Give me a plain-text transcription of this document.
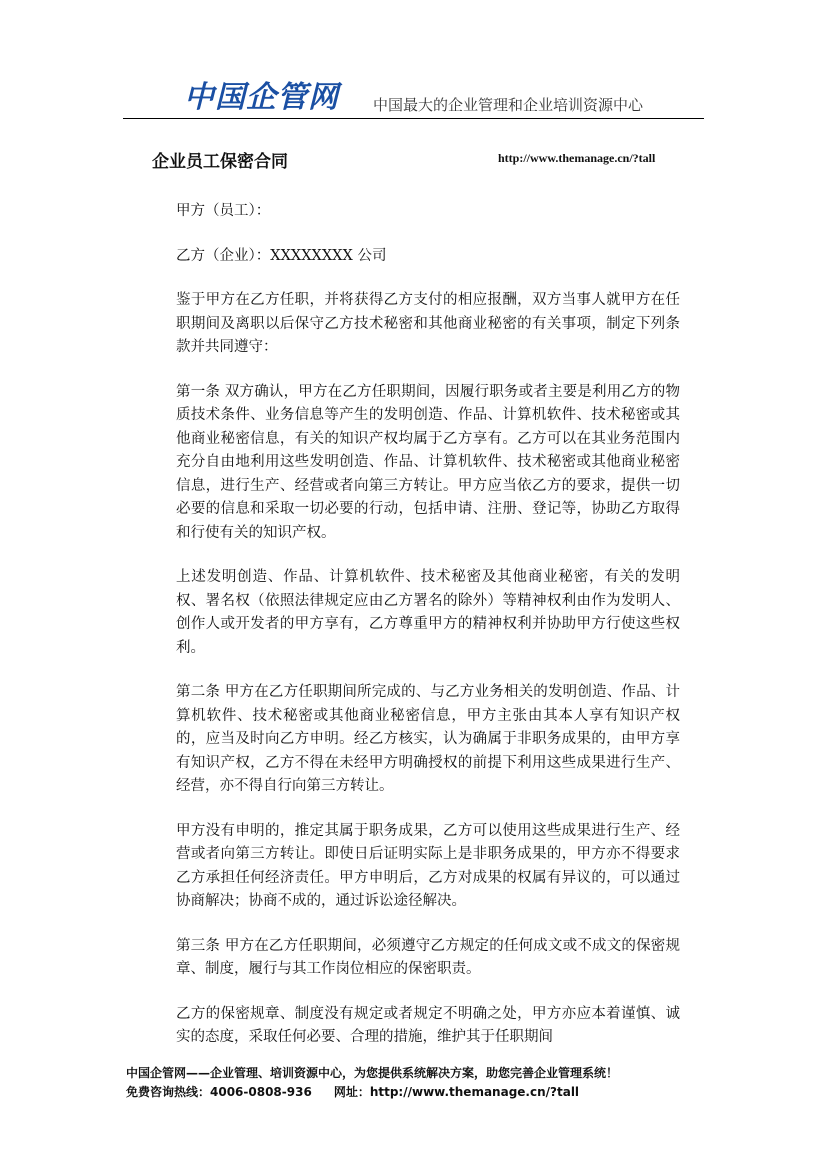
中国企管网 中国最大的企业管理和企业培训资源中心
企业员工保密合同	http://www.themanage.cn/?tall

甲方（员工）：

乙方（企业）：XXXXXXXX 公司

鉴于甲方在乙方任职，并将获得乙方支付的相应报酬，双方当事人就甲方在任职期间及离职以后保守乙方技术秘密和其他商业秘密的有关事项，制定下列条款并共同遵守：

第一条 双方确认，甲方在乙方任职期间，因履行职务或者主要是利用乙方的物质技术条件、业务信息等产生的发明创造、作品、计算机软件、技术秘密或其他商业秘密信息，有关的知识产权均属于乙方享有。乙方可以在其业务范围内充分自由地利用这些发明创造、作品、计算机软件、技术秘密或其他商业秘密信息，进行生产、经营或者向第三方转让。甲方应当依乙方的要求，提供一切必要的信息和采取一切必要的行动，包括申请、注册、登记等，协助乙方取得和行使有关的知识产权。

上述发明创造、作品、计算机软件、技术秘密及其他商业秘密，有关的发明权、署名权（依照法律规定应由乙方署名的除外）等精神权利由作为发明人、创作人或开发者的甲方享有，乙方尊重甲方的精神权利并协助甲方行使这些权利。

第二条 甲方在乙方任职期间所完成的、与乙方业务相关的发明创造、作品、计算机软件、技术秘密或其他商业秘密信息，甲方主张由其本人享有知识产权的，应当及时向乙方申明。经乙方核实，认为确属于非职务成果的，由甲方享有知识产权，乙方不得在未经甲方明确授权的前提下利用这些成果进行生产、经营，亦不得自行向第三方转让。

甲方没有申明的，推定其属于职务成果，乙方可以使用这些成果进行生产、经营或者向第三方转让。即使日后证明实际上是非职务成果的，甲方亦不得要求乙方承担任何经济责任。甲方申明后，乙方对成果的权属有异议的，可以通过协商解决；协商不成的，通过诉讼途径解决。

第三条 甲方在乙方任职期间，必须遵守乙方规定的任何成文或不成文的保密规章、制度，履行与其工作岗位相应的保密职责。

乙方的保密规章、制度没有规定或者规定不明确之处，甲方亦应本着谨慎、诚实的态度，采取任何必要、合理的措施，维护其于任职期间

中国企管网——企业管理、培训资源中心，为您提供系统解决方案，助您完善企业管理系统！
免费咨询热线：4006-0808-936 网址：http://www.themanage.cn/?tall
